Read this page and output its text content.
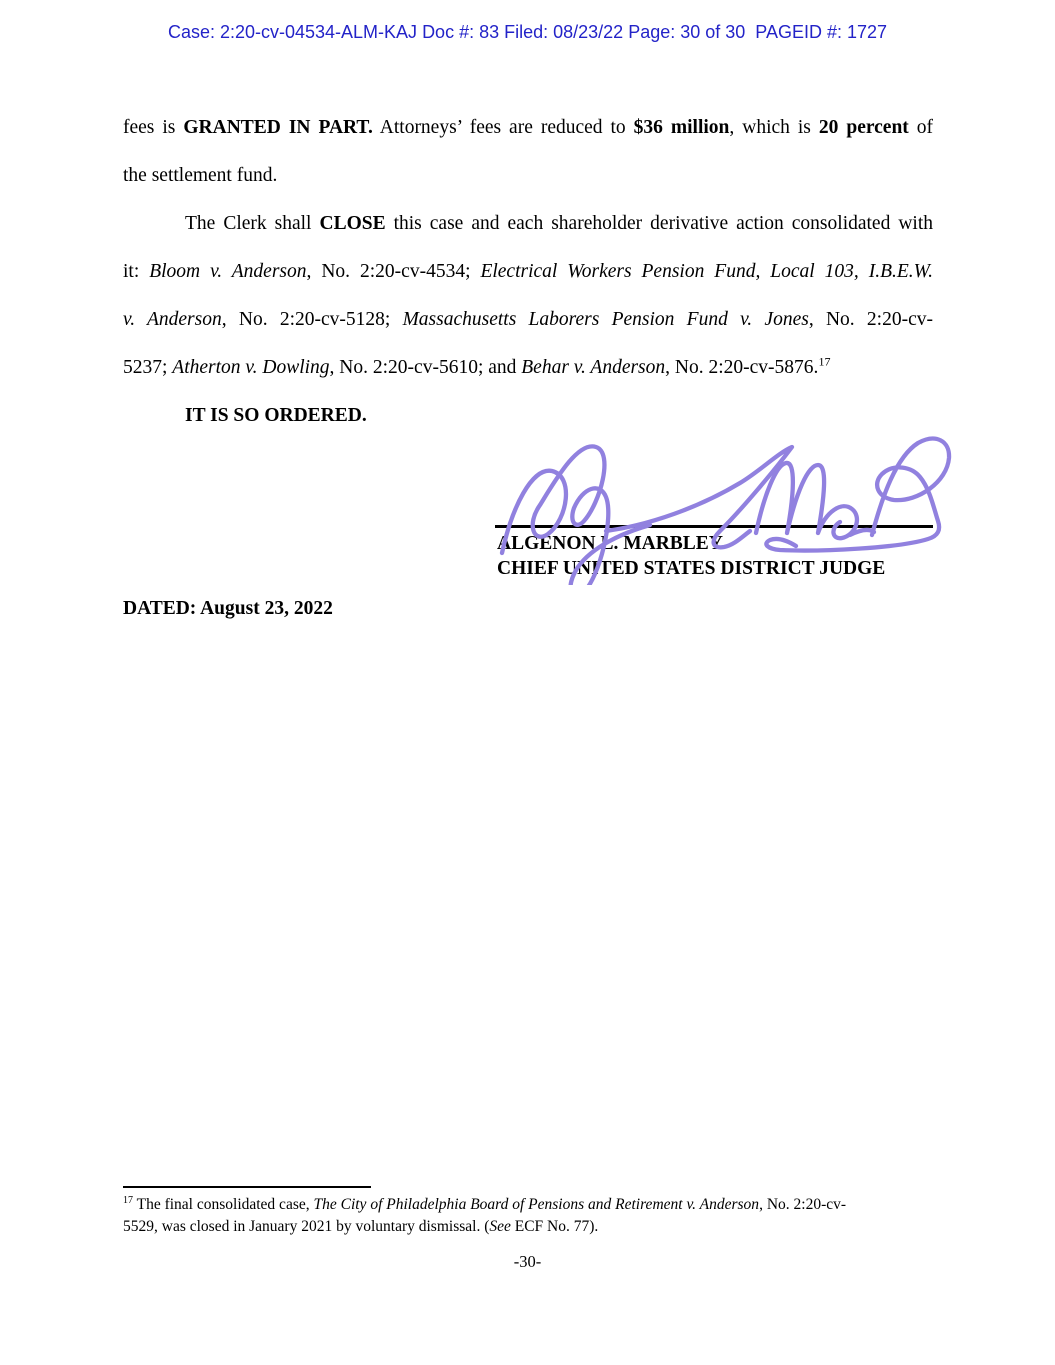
Case: 2:20-cv-04534-ALM-KAJ Doc #: 83 Filed: 08/23/22 Page: 30 of 30  PAGEID #: 1727
fees is GRANTED IN PART. Attorneys’ fees are reduced to $36 million, which is 20 percent of
the settlement fund.
The Clerk shall CLOSE this case and each shareholder derivative action consolidated with
it: Bloom v. Anderson, No. 2:20-cv-4534; Electrical Workers Pension Fund, Local 103, I.B.E.W.
v. Anderson, No. 2:20-cv-5128; Massachusetts Laborers Pension Fund v. Jones, No. 2:20-cv-
5237; Atherton v. Dowling, No. 2:20-cv-5610; and Behar v. Anderson, No. 2:20-cv-5876.17
IT IS SO ORDERED.
ALGENON L. MARBLEY
CHIEF UNITED STATES DISTRICT JUDGE
DATED: August 23, 2022
$^{17}$ The final consolidated case, The City of Philadelphia Board of Pensions and Retirement v. Anderson, No. 2:20-cv-
5529, was closed in January 2021 by voluntary dismissal. (See ECF No. 77).
-30-
